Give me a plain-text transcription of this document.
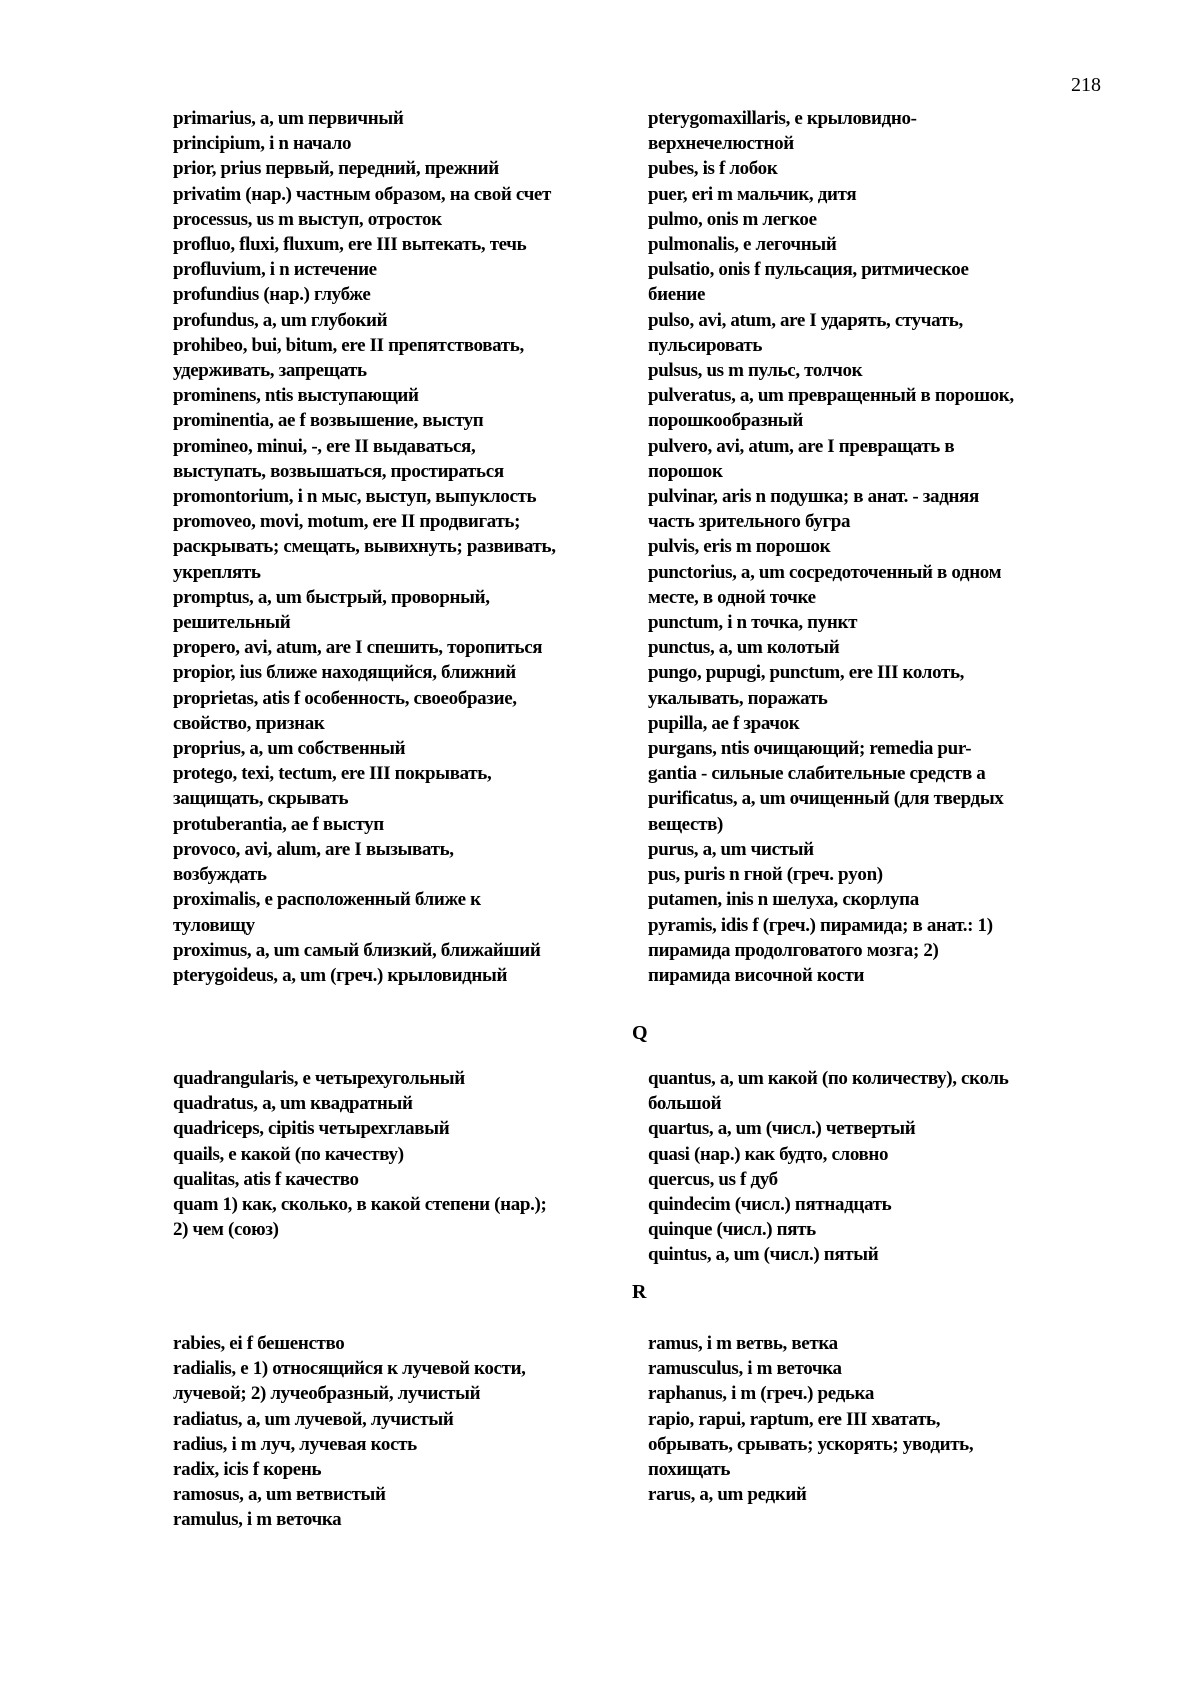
218
primarius, a, um первичный
principium, i n начало
prior, prius первый, передний, прежний
privatim (нар.) частным образом, на свой счет
processus, us m выступ, отросток
profluo, fluxi, fluxum, ere III вытекать, течь
profluvium, i n истечение
profundius (нар.) глубже
profundus, a, um глубокий
prohibeo, bui, bitum, ere II препятствовать,
удерживать, запрещать
prominens, ntis выступающий
prominentia, ae f возвышение, выступ
promineo, minui, -, ere II выдаваться,
выступать, возвышаться, простираться
promontorium, i n мыс, выступ, выпуклость
promoveo, movi, motum, ere II продвигать;
раскрывать; смещать, вывихнуть; развивать,
укреплять
promptus, a, um быстрый, проворный,
решительный
propero, avi, atum, are I спешить, торопиться
propior, ius ближе находящийся, ближний
proprietas, atis f особенность, своеобразие,
свойство, признак
proprius, a, um собственный
protego, texi, tectum, ere III покрывать,
защищать, скрывать
protuberantia, ae f выступ
provoco, avi, alum, are I вызывать,
возбуждать
proximalis, e расположенный ближе к
туловищу
proximus, a, um самый близкий, ближайший
pterygoideus, a, um (греч.) крыловидный
pterygomaxillaris, e крыловидно-
верхнечелюстной
pubes, is f лобок
puer, eri m мальчик, дитя
pulmo, onis m легкое
pulmonalis, e легочный
pulsatio, onis f пульсация, ритмическое
биение
pulso, avi, atum, are I ударять, стучать,
пульсировать
pulsus, us m пульс, толчок
pulveratus, a, um превращенный в порошок,
порошкообразный
pulvero, avi, atum, are I превращать в
порошок
pulvinar, aris n подушка; в анат. - задняя
часть зрительного бугра
pulvis, eris m порошок
punctorius, a, um сосредоточенный в одном
месте, в одной точке
punctum, i n точка, пункт
punctus, a, um колотый
pungo, pupugi, punctum, ere III колоть,
укалывать, поражать
pupilla, ae f зрачок
purgans, ntis очищающий; remedia pur-
gantia - сильные слабительные средств а
purificatus, a, um очищенный (для твердых
веществ)
purus, a, um чистый
pus, puris n гной (греч. pyon)
putamen, inis n шелуха, скорлупа
pyramis, idis f (греч.) пирамида; в анат.: 1)
пирамида продолговатого мозга; 2)
пирамида височной кости
Q
quadrangularis, e четырехугольный
quadratus, a, um квадратный
quadriceps, cipitis четырехглавый
quails, e какой (по качеству)
qualitas, atis f качество
quam 1) как, сколько, в какой степени (нар.);
2) чем (союз)
quantus, a, um какой (по количеству), сколь
большой
quartus, a, um (числ.) четвертый
quasi (нар.) как будто, словно
quercus, us f дуб
quindecim (числ.) пятнадцать
quinque (числ.) пять
quintus, a, um (числ.) пятый
R
rabies, ei f бешенство
radialis, e 1) относящийся к лучевой кости,
лучевой; 2) лучеобразный, лучистый
radiatus, a, um лучевой, лучистый
radius, i m луч, лучевая кость
radix, icis f корень
ramosus, a, um ветвистый
ramulus, i m веточка
ramus, i m ветвь, ветка
ramusculus, i m веточка
raphanus, i m (греч.) редька
rapio, rapui, raptum, ere III хватать,
обрывать, срывать; ускорять; уводить,
похищать
rarus, a, um редкий
